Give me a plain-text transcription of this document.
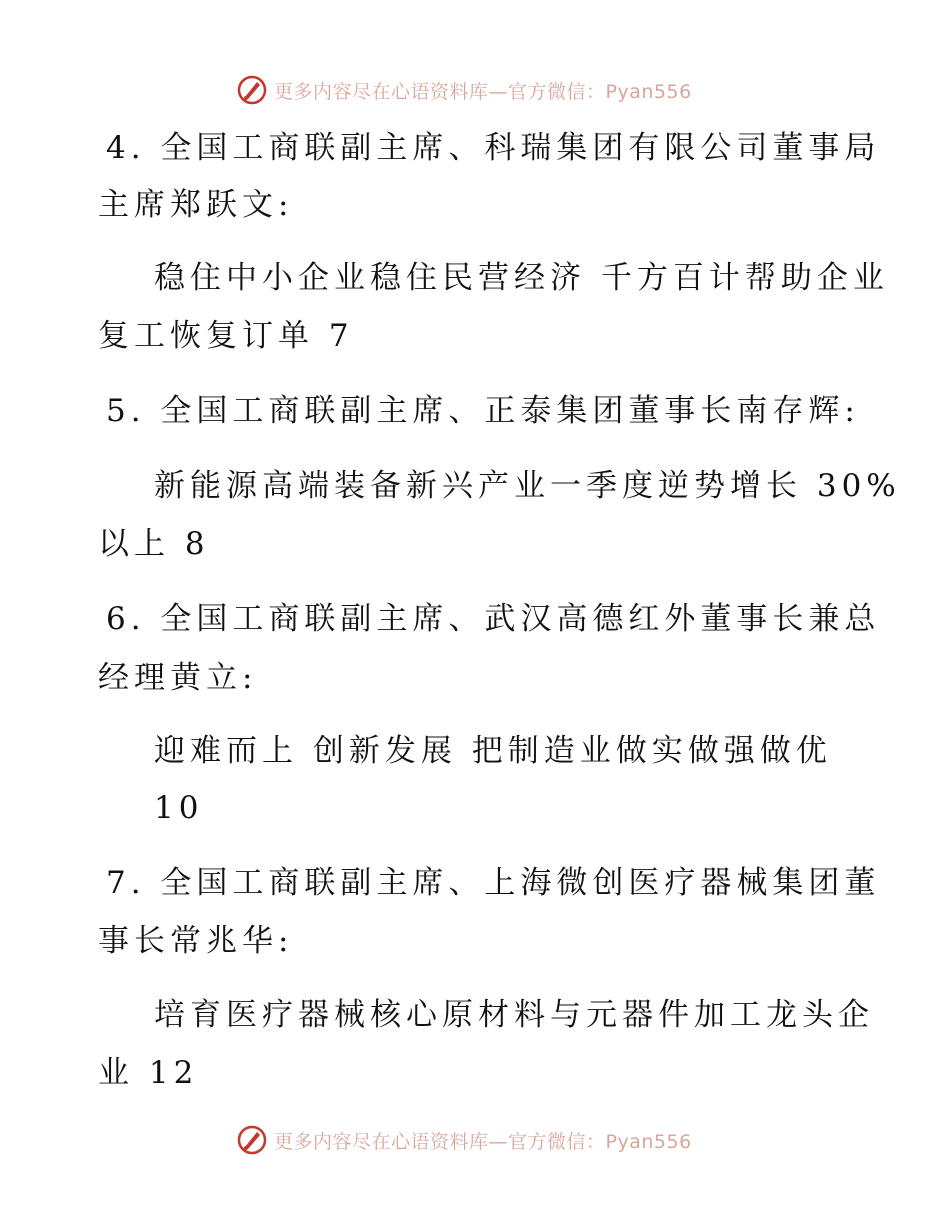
更多内容尽在心语资料库—官方微信：Pyan556
4. 全国工商联副主席、科瑞集团有限公司董事局
主席郑跃文:
稳住中小企业稳住民营经济 千方百计帮助企业
复工恢复订单 7
5. 全国工商联副主席、正泰集团董事长南存辉:
新能源高端装备新兴产业一季度逆势增长 30%
以上 8
6. 全国工商联副主席、武汉高德红外董事长兼总
经理黄立:
迎难而上 创新发展 把制造业做实做强做优
10
7. 全国工商联副主席、上海微创医疗器械集团董
事长常兆华:
培育医疗器械核心原材料与元器件加工龙头企
业 12
更多内容尽在心语资料库—官方微信：Pyan556
